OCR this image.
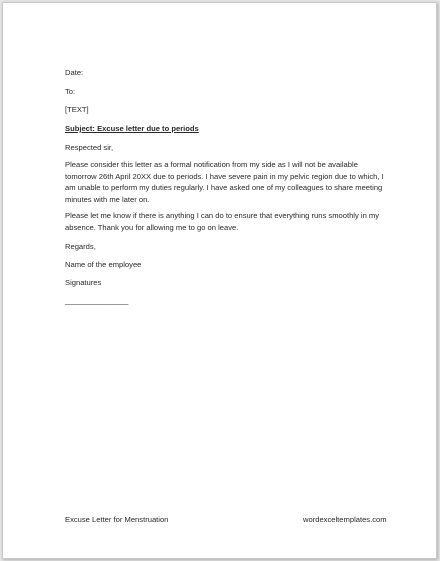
Date:
To:
[TEXT]
Subject: Excuse letter due to periods
Respected sir,
Please consider this letter as a formal notification from my side as I will not be available tomorrow 26th April 20XX due to periods. I have severe pain in my pelvic region due to which, I am unable to perform my duties regularly. I have asked one of my colleagues to share meeting minutes with me later on.
Please let me know if there is anything I can do to ensure that everything runs smoothly in my absence. Thank you for allowing me to go on leave.
Regards,
Name of the employee
Signatures
_______________
Excuse Letter for Menstruation	wordexceltemplates.com
